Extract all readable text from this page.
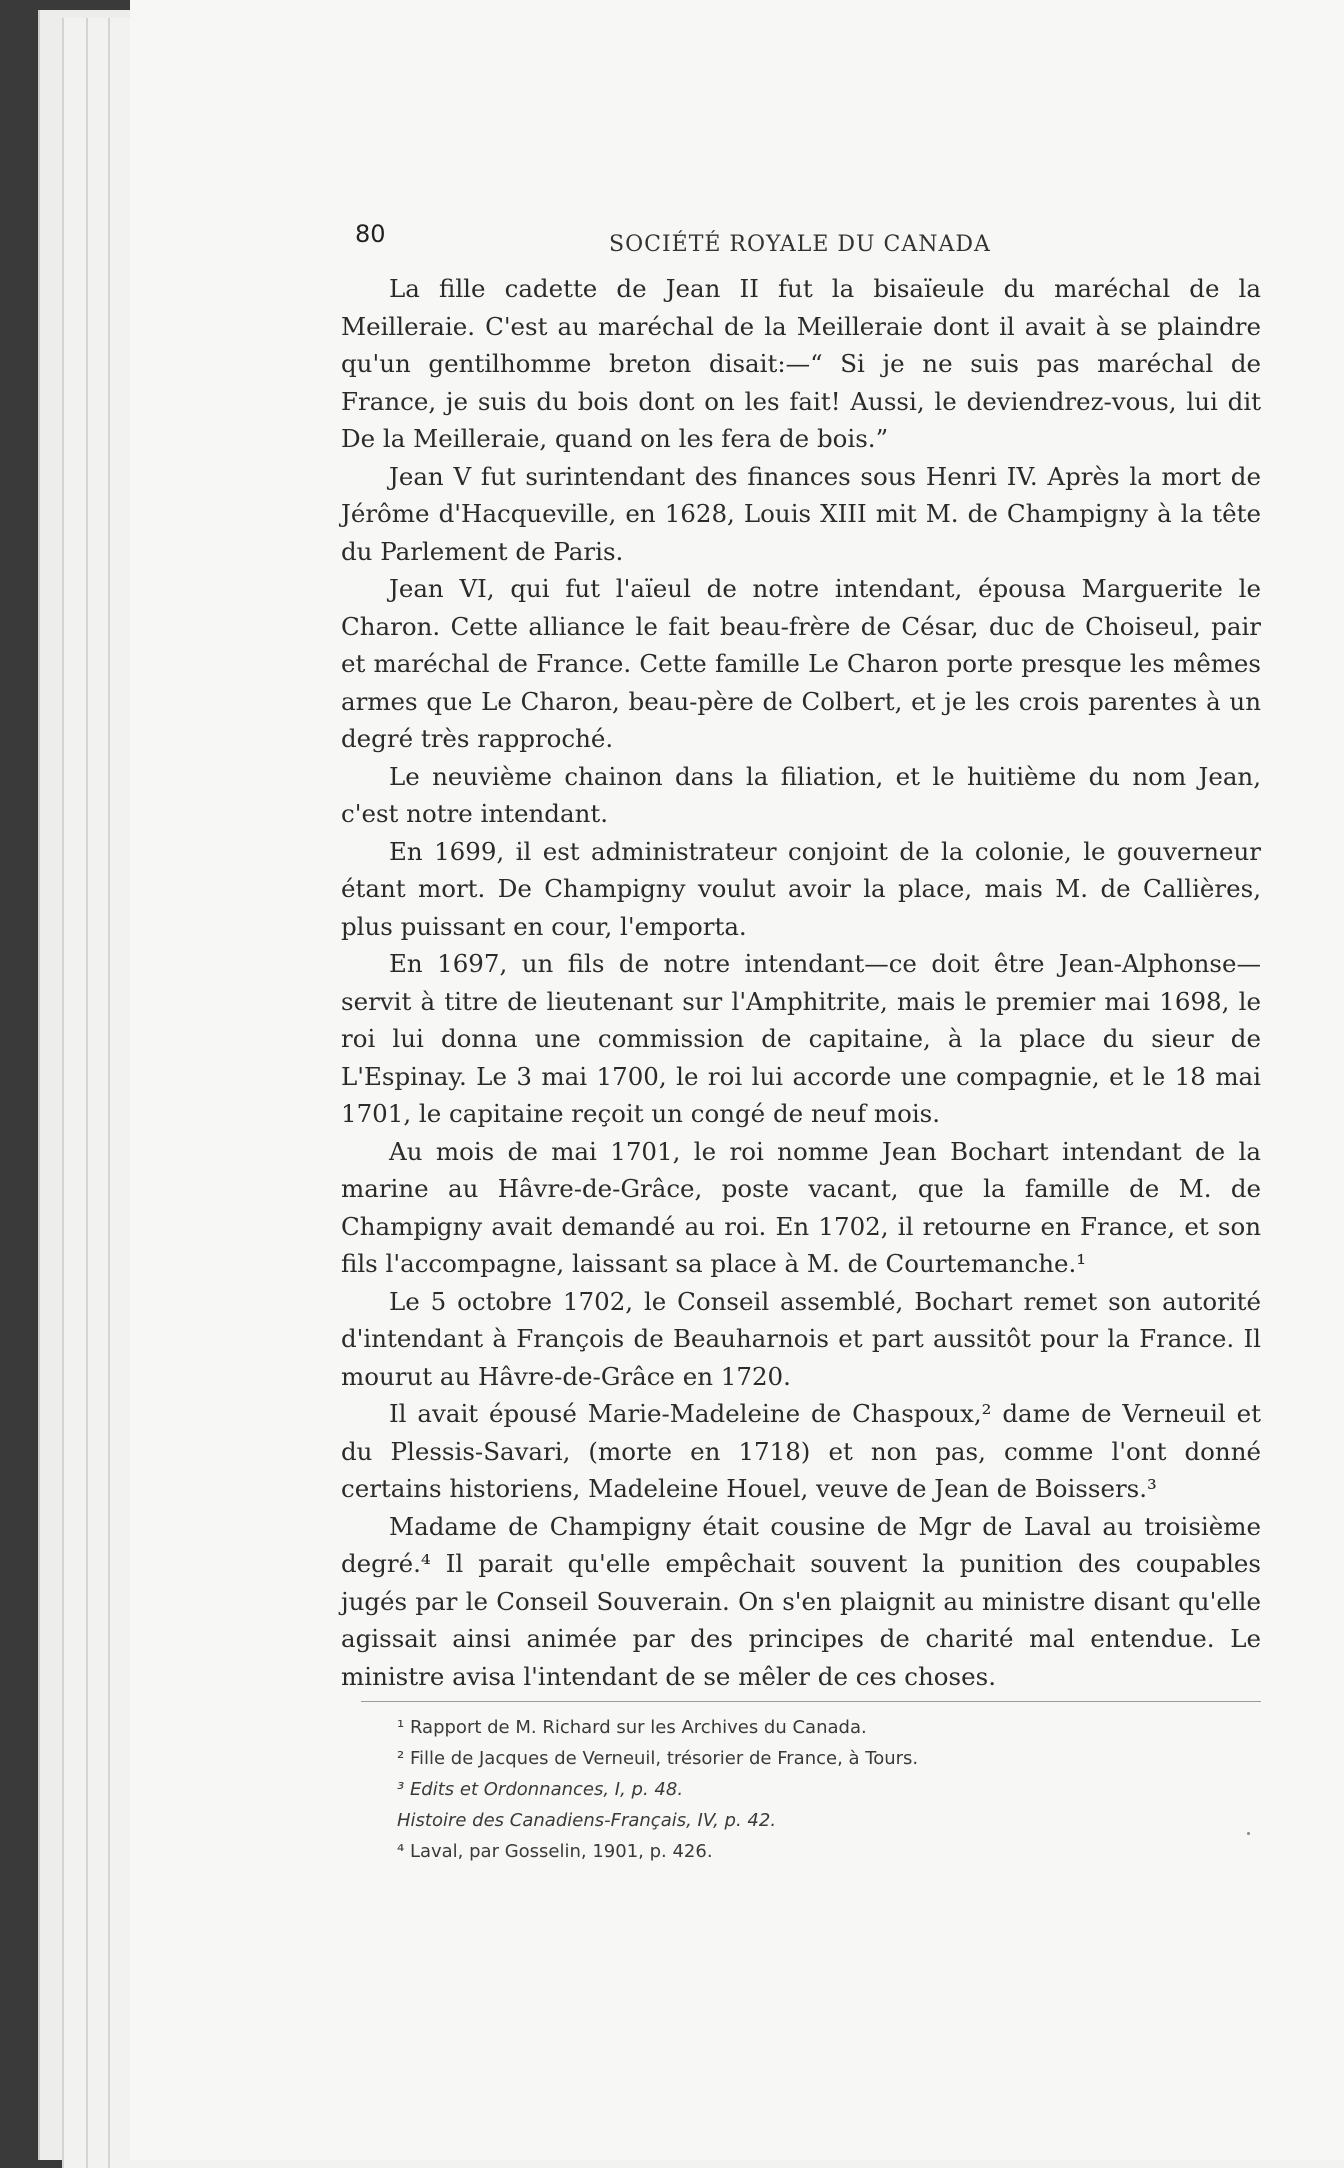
80	SOCIÉTÉ ROYALE DU CANADA

La fille cadette de Jean II fut la bisaïeule du maréchal de la Meilleraie. C'est au maréchal de la Meilleraie dont il avait à se plaindre qu'un gentilhomme breton disait:—“ Si je ne suis pas maréchal de France, je suis du bois dont on les fait! Aussi, le deviendrez-vous, lui dit De la Meilleraie, quand on les fera de bois.”

Jean V fut surintendant des finances sous Henri IV. Après la mort de Jérôme d'Hacqueville, en 1628, Louis XIII mit M. de Champigny à la tête du Parlement de Paris.

Jean VI, qui fut l'aïeul de notre intendant, épousa Marguerite le Charon. Cette alliance le fait beau-frère de César, duc de Choiseul, pair et maréchal de France. Cette famille Le Charon porte presque les mêmes armes que Le Charon, beau-père de Colbert, et je les crois parentes à un degré très rapproché.

Le neuvième chainon dans la filiation, et le huitième du nom Jean, c'est notre intendant.

En 1699, il est administrateur conjoint de la colonie, le gouverneur étant mort. De Champigny voulut avoir la place, mais M. de Callières, plus puissant en cour, l'emporta.

En 1697, un fils de notre intendant—ce doit être Jean-Alphonse—servit à titre de lieutenant sur l'Amphitrite, mais le premier mai 1698, le roi lui donna une commission de capitaine, à la place du sieur de L'Espinay. Le 3 mai 1700, le roi lui accorde une compagnie, et le 18 mai 1701, le capitaine reçoit un congé de neuf mois.

Au mois de mai 1701, le roi nomme Jean Bochart intendant de la marine au Hâvre-de-Grâce, poste vacant, que la famille de M. de Champigny avait demandé au roi. En 1702, il retourne en France, et son fils l'accompagne, laissant sa place à M. de Courtemanche.¹

Le 5 octobre 1702, le Conseil assemblé, Bochart remet son autorité d'intendant à François de Beauharnois et part aussitôt pour la France. Il mourut au Hâvre-de-Grâce en 1720.

Il avait épousé Marie-Madeleine de Chaspoux,² dame de Verneuil et du Plessis-Savari, (morte en 1718) et non pas, comme l'ont donné certains historiens, Madeleine Houel, veuve de Jean de Boissers.³

Madame de Champigny était cousine de Mgr de Laval au troisième degré.⁴ Il parait qu'elle empêchait souvent la punition des coupables jugés par le Conseil Souverain. On s'en plaignit au ministre disant qu'elle agissait ainsi animée par des principes de charité mal entendue. Le ministre avisa l'intendant de se mêler de ces choses.

¹ Rapport de M. Richard sur les Archives du Canada.
² Fille de Jacques de Verneuil, trésorier de France, à Tours.
³ Edits et Ordonnances, I, p. 48.
Histoire des Canadiens-Français, IV, p. 42.
⁴ Laval, par Gosselin, 1901, p. 426.
